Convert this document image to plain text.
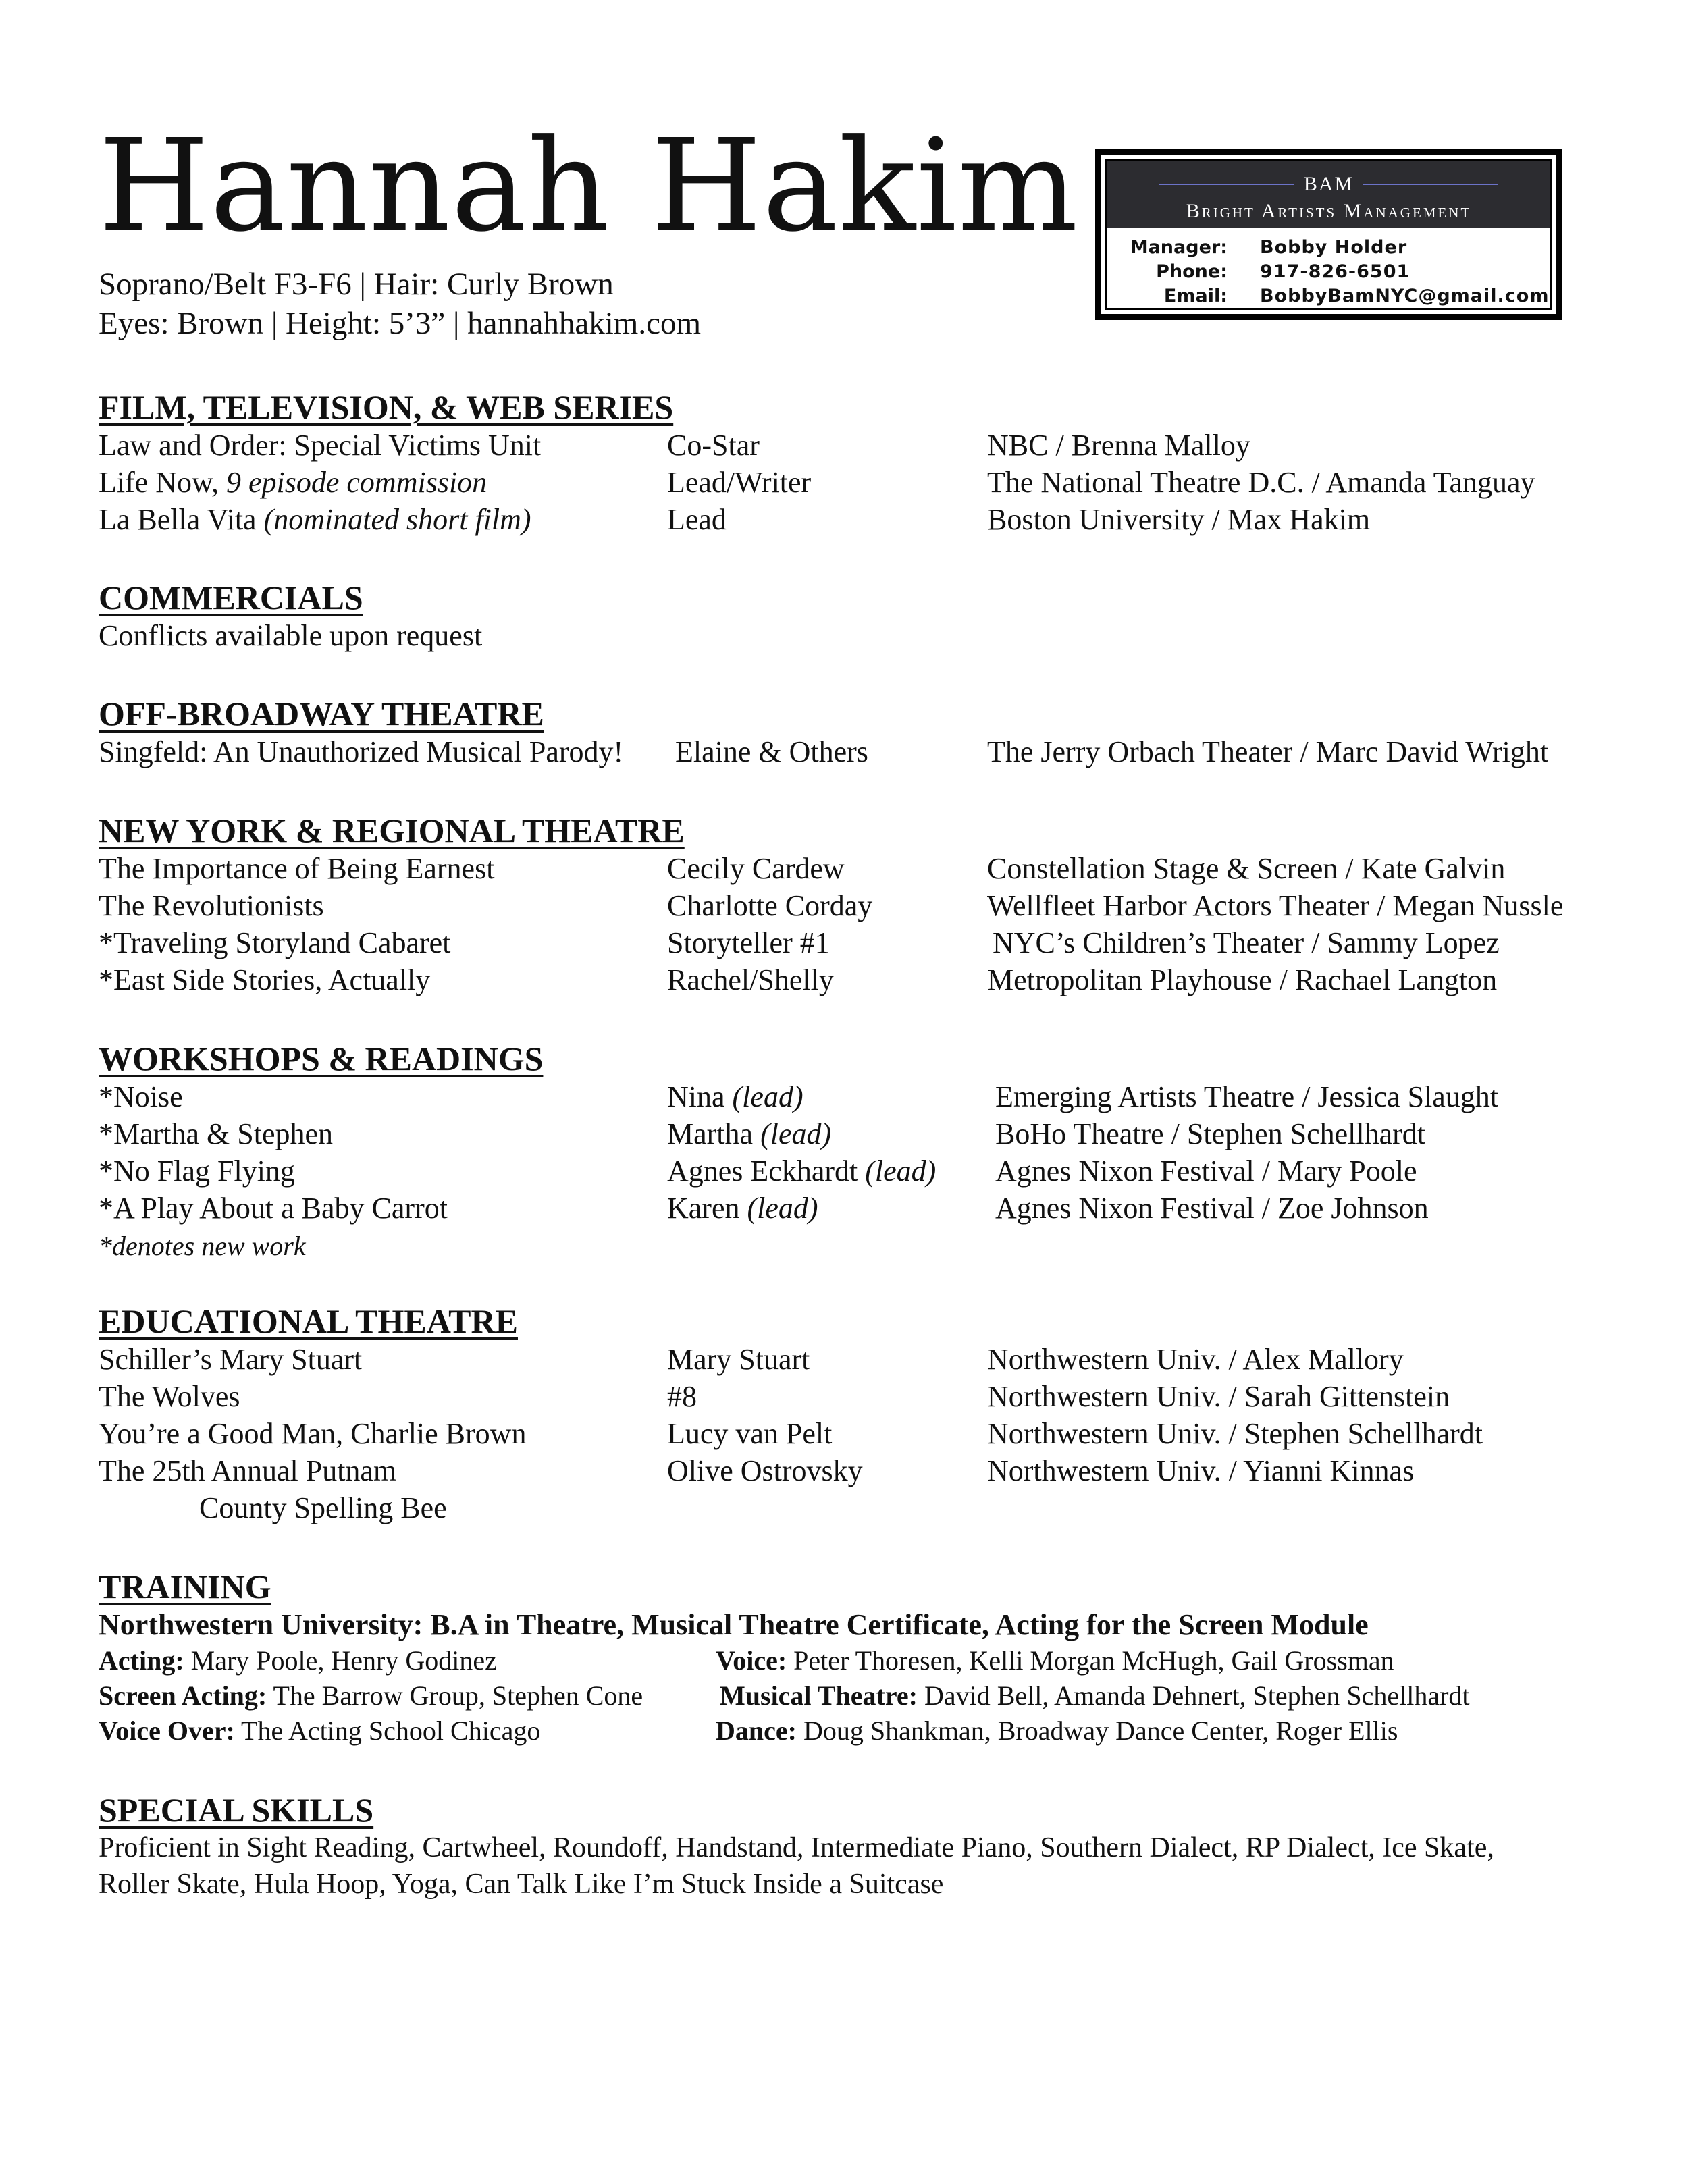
Hannah Hakim
Soprano/Belt F3-F6 | Hair: Curly Brown
Eyes: Brown | Height: 5’3” | hannahhakim.com
BAM
Bright Artists Management
Manager:	Bobby Holder
Phone:	917-826-6501
Email:	BobbyBamNYC@gmail.com
FILM, TELEVISION, & WEB SERIES
Law and Order: Special Victims Unit	Co-Star	NBC / Brenna Malloy
Life Now, 9 episode commission	Lead/Writer	The National Theatre D.C. / Amanda Tanguay
La Bella Vita (nominated short film)	Lead	Boston University / Max Hakim
COMMERCIALS
Conflicts available upon request
OFF-BROADWAY THEATRE
Singfeld: An Unauthorized Musical Parody! Elaine & Others	The Jerry Orbach Theater / Marc David Wright
NEW YORK & REGIONAL THEATRE
The Importance of Being Earnest	Cecily Cardew	Constellation Stage & Screen / Kate Galvin
The Revolutionists	Charlotte Corday	Wellfleet Harbor Actors Theater / Megan Nussle
*Traveling Storyland Cabaret	Storyteller #1	NYC’s Children’s Theater / Sammy Lopez
*East Side Stories, Actually	Rachel/Shelly	Metropolitan Playhouse / Rachael Langton
WORKSHOPS & READINGS
*Noise	Nina (lead)	Emerging Artists Theatre / Jessica Slaught
*Martha & Stephen	Martha (lead)	BoHo Theatre / Stephen Schellhardt
*No Flag Flying	Agnes Eckhardt (lead) Agnes Nixon Festival / Mary Poole
*A Play About a Baby Carrot	Karen (lead)	Agnes Nixon Festival / Zoe Johnson
*denotes new work
EDUCATIONAL THEATRE
Schiller’s Mary Stuart	Mary Stuart	Northwestern Univ. / Alex Mallory
The Wolves	#8	Northwestern Univ. / Sarah Gittenstein
You’re a Good Man, Charlie Brown	Lucy van Pelt	Northwestern Univ. / Stephen Schellhardt
The 25th Annual Putnam	Olive Ostrovsky	Northwestern Univ. / Yianni Kinnas
County Spelling Bee
TRAINING
Northwestern University: B.A in Theatre, Musical Theatre Certificate, Acting for the Screen Module
Acting: Mary Poole, Henry Godinez	Voice: Peter Thoresen, Kelli Morgan McHugh, Gail Grossman
Screen Acting: The Barrow Group, Stephen Cone	Musical Theatre: David Bell, Amanda Dehnert, Stephen Schellhardt
Voice Over: The Acting School Chicago	Dance: Doug Shankman, Broadway Dance Center, Roger Ellis
SPECIAL SKILLS
Proficient in Sight Reading, Cartwheel, Roundoff, Handstand, Intermediate Piano, Southern Dialect, RP Dialect, Ice Skate,
Roller Skate, Hula Hoop, Yoga, Can Talk Like I’m Stuck Inside a Suitcase
